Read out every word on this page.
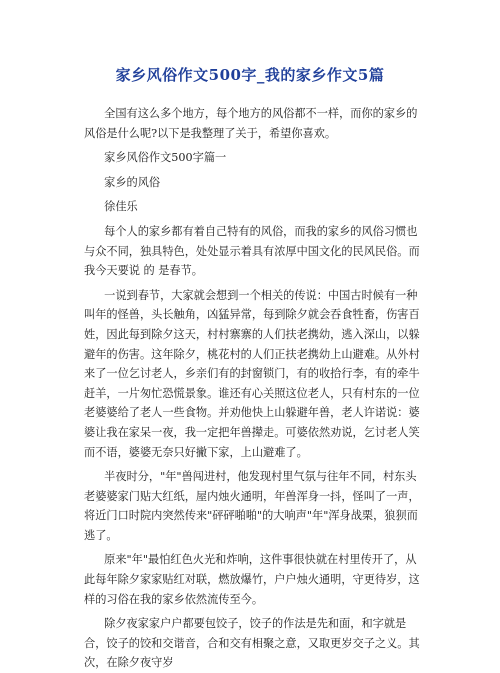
家乡风俗作文500字_我的家乡作文5篇

全国有这么多个地方，每个地方的风俗都不一样，而你的家乡的风俗是什么呢?以下是我整理了关于，希望你喜欢。

家乡风俗作文500字篇一

家乡的风俗

徐佳乐

每个人的家乡都有着自己特有的风俗，而我的家乡的风俗习惯也与众不同，独具特色，处处显示着具有浓厚中国文化的民风民俗。而我今天要说 的 是春节。

一说到春节，大家就会想到一个相关的传说：中国古时候有一种叫年的怪兽，头长触角，凶猛异常，每到除夕就会吞食牲畜，伤害百姓，因此每到除夕这天，村村寨寨的人们扶老携幼，逃入深山，以躲避年的伤害。这年除夕，桃花村的人们正扶老携幼上山避难。从外村来了一位乞讨老人，乡亲们有的封窗锁门，有的收拾行李，有的牵牛赶羊，一片匆忙恐慌景象。谁还有心关照这位老人，只有村东的一位老婆婆给了老人一些食物。并劝他快上山躲避年兽，老人许诺说：婆婆让我在家呆一夜，我一定把年兽撵走。可婆依然劝说，乞讨老人笑而不语，婆婆无奈只好撇下家，上山避难了。

半夜时分，"年"兽闯进村，他发现村里气氛与往年不同，村东头老婆婆家门贴大红纸，屋内烛火通明，年兽浑身一抖，怪叫了一声，将近门口时院内突然传来"砰砰啪啪"的大响声"年"浑身战栗，狼狈而逃了。

原来"年"最怕红色火光和炸响，这件事很快就在村里传开了，从此每年除夕家家贴红对联，燃放爆竹，户户烛火通明，守更待岁，这样的习俗在我的家乡依然流传至今。

除夕夜家家户户都要包饺子，饺子的作法是先和面，和字就是合，饺子的饺和交谐音，合和交有相聚之意，又取更岁交子之义。其次，在除夕夜守岁
